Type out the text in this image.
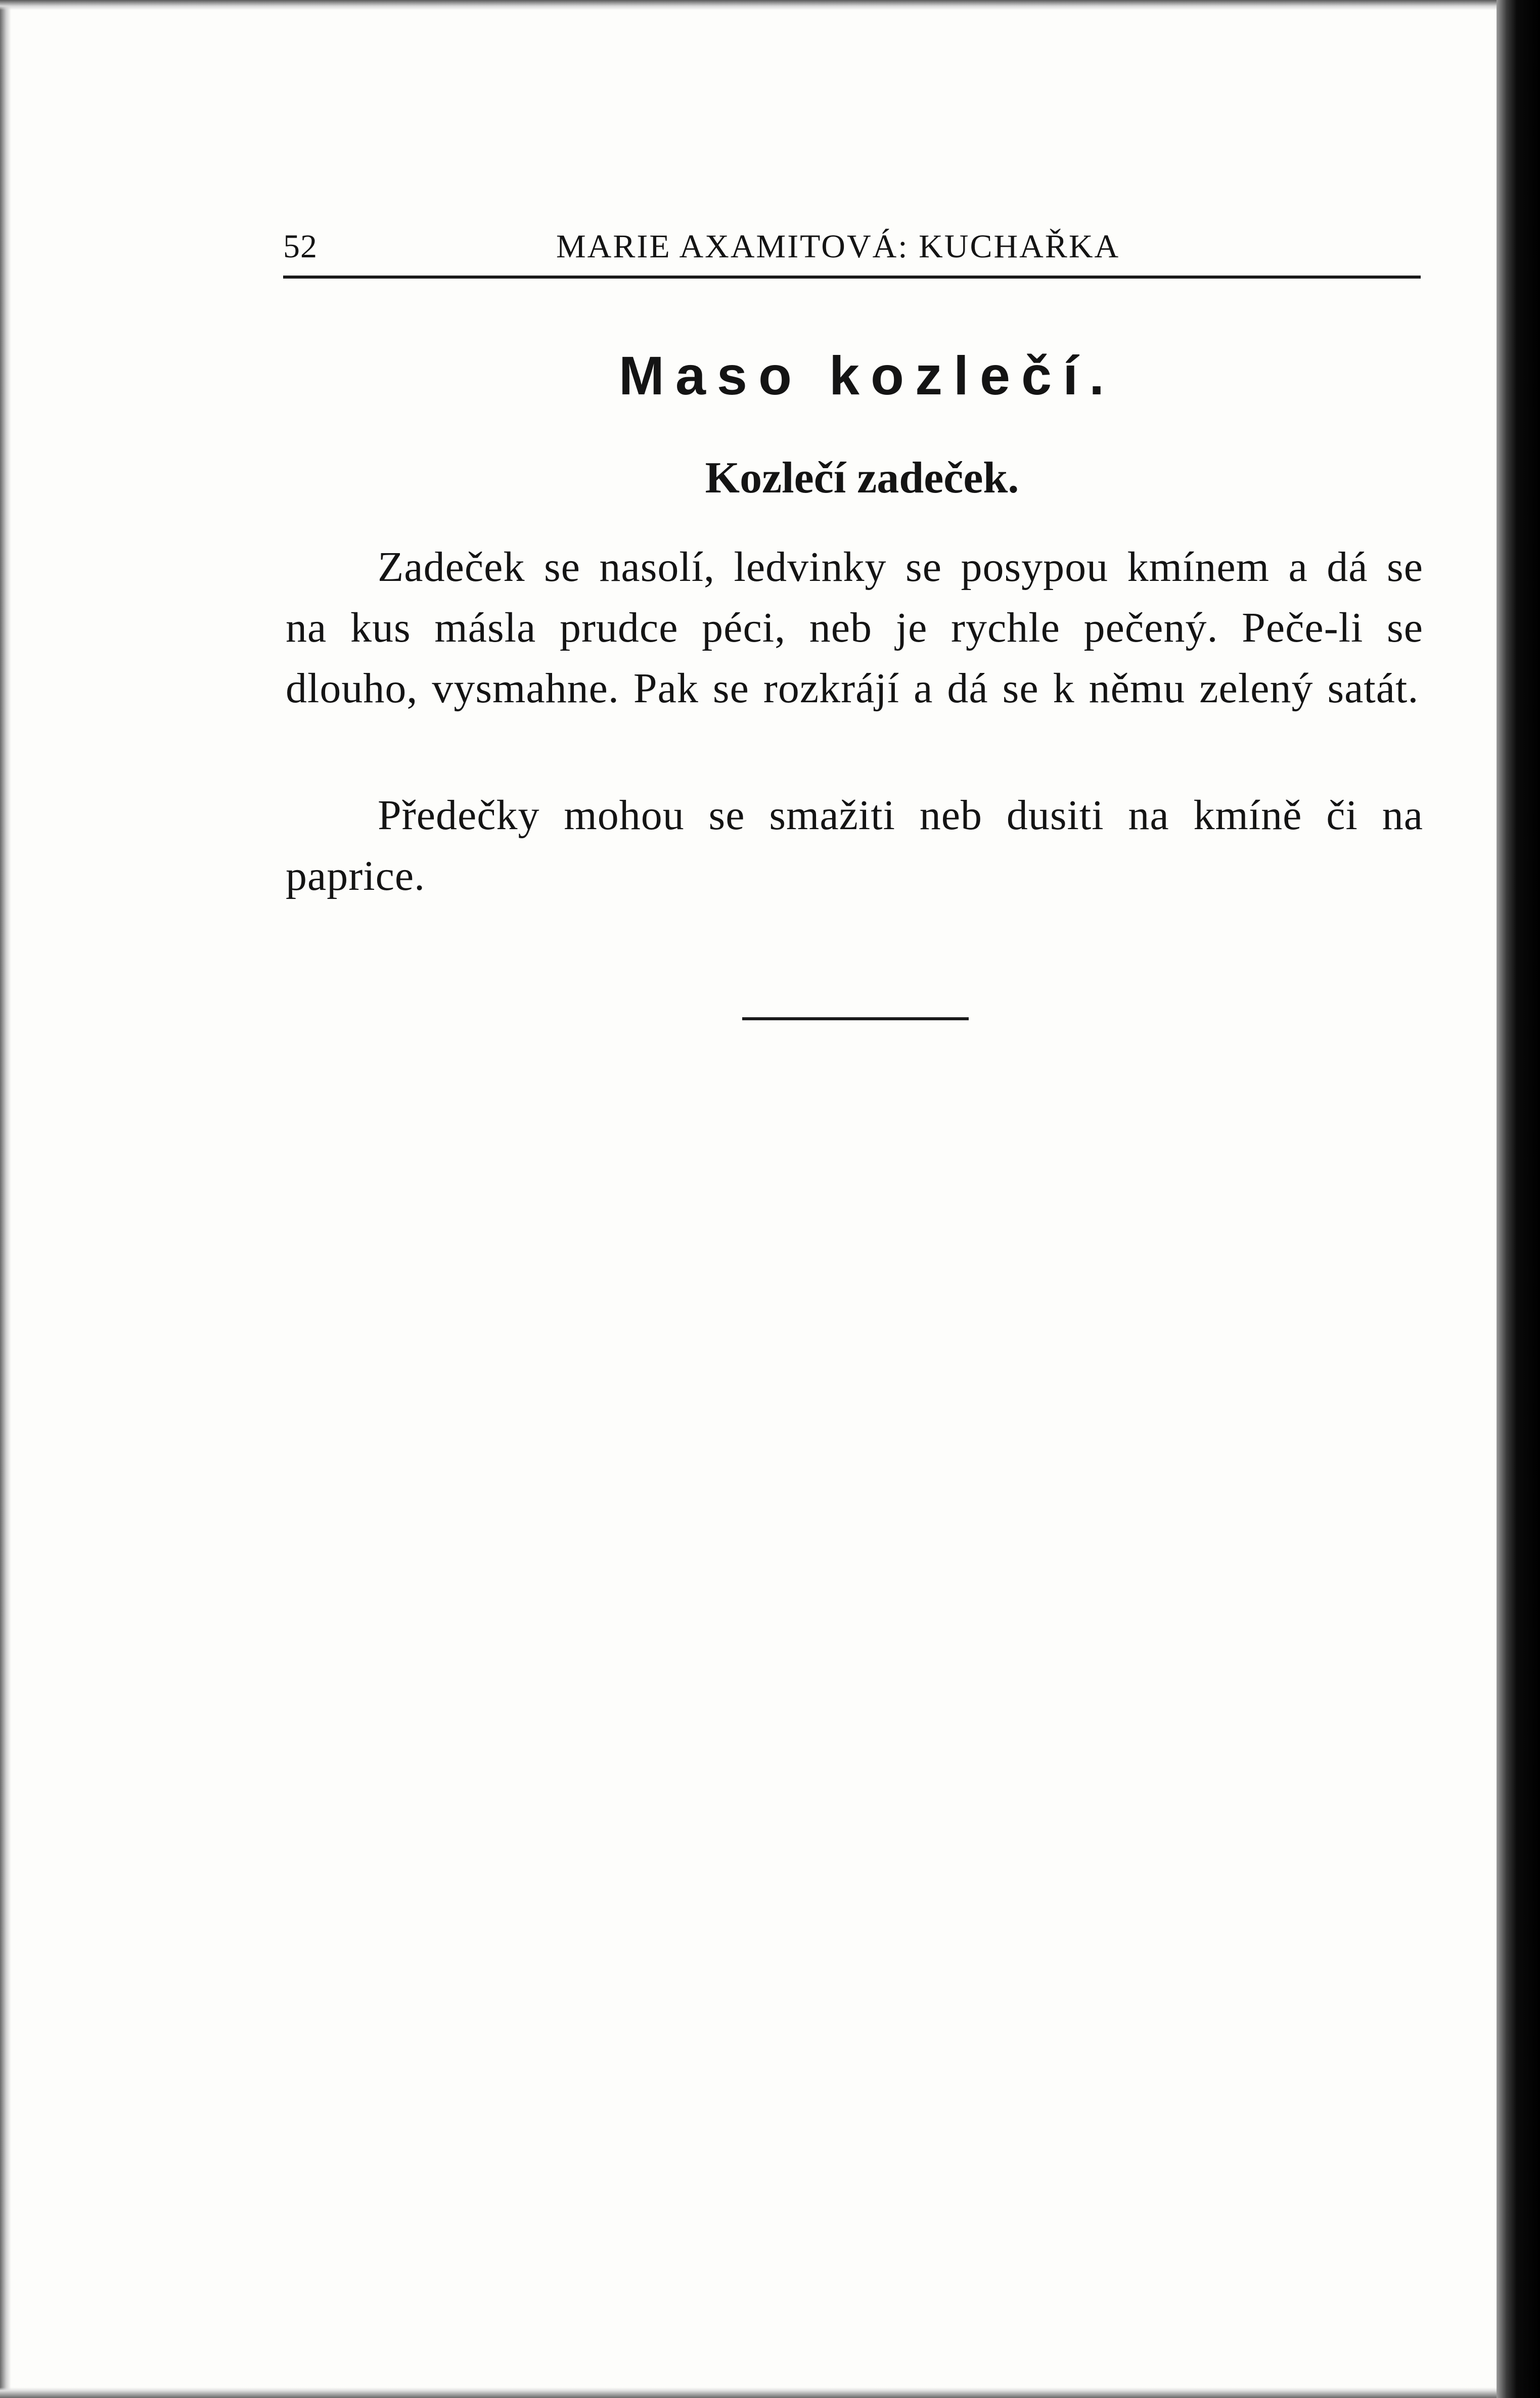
52	MARIE AXAMITOVÁ: KUCHAŘKA
Maso kozlečí.
Kozlečí zadeček.

Zadeček se nasolí, ledvinky se posypou kmínem a dá se na kus másla prudce péci, neb je rychle pečený. Peče-li se dlouho, vysmahne. Pak se rozkrájí a dá se k němu zelený satát.

Předečky mohou se smažiti neb dusiti na kmíně či na paprice.
